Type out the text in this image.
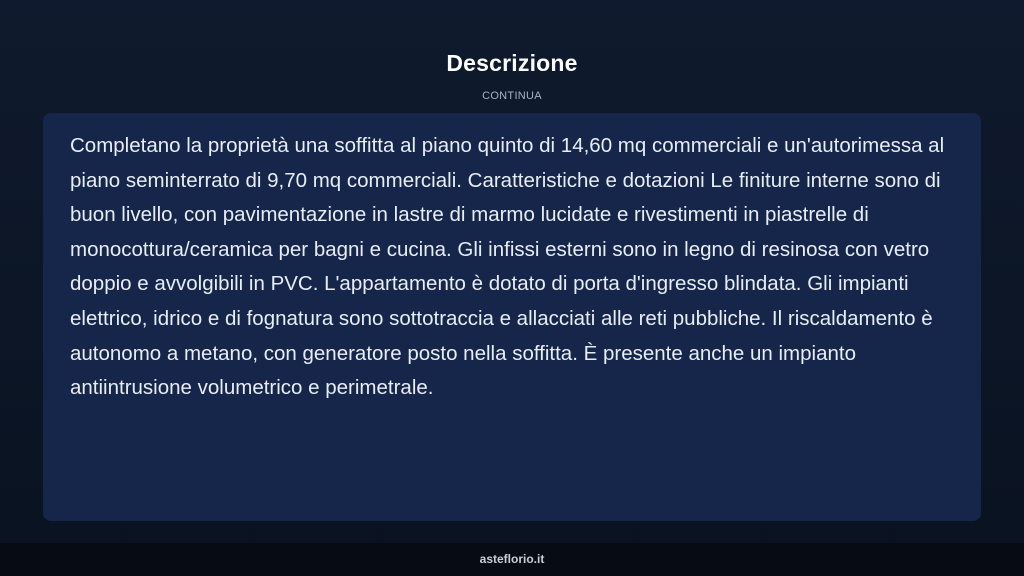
Descrizione
CONTINUA

Completano la proprietà una soffitta al piano quinto di 14,60 mq commerciali e un'autorimessa al piano seminterrato di 9,70 mq commerciali. Caratteristiche e dotazioni Le finiture interne sono di buon livello, con pavimentazione in lastre di marmo lucidate e rivestimenti in piastrelle di monocottura/ceramica per bagni e cucina. Gli infissi esterni sono in legno di resinosa con vetro doppio e avvolgibili in PVC. L'appartamento è dotato di porta d'ingresso blindata. Gli impianti elettrico, idrico e di fognatura sono sottotraccia e allacciati alle reti pubbliche. Il riscaldamento è autonomo a metano, con generatore posto nella soffitta. È presente anche un impianto antiintrusione volumetrico e perimetrale.

asteflorio.it
